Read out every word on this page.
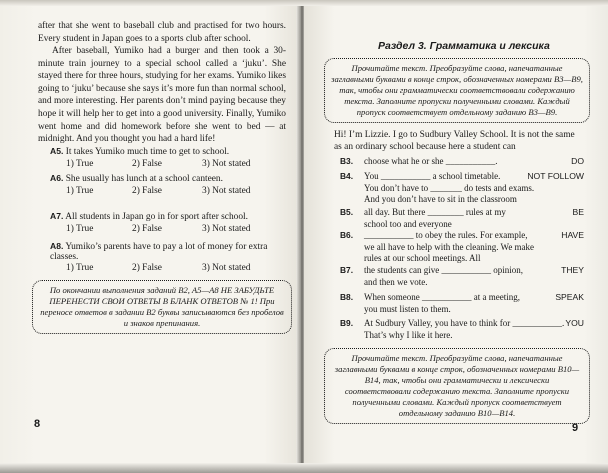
after that she went to baseball club and practised for two hours. Every student in Japan goes to a sports club after school.
After baseball, Yumiko had a burger and then took a 30-minute train journey to a special school called a ‘juku’. She stayed there for three hours, studying for her exams. Yumiko likes going to ‘juku’ because she says it’s more fun than normal school, and more interesting. Her parents don’t mind paying because they hope it will help her to get into a good university. Finally, Yumiko went home and did homework before she went to bed — at midnight. And you thought you had a hard life!
A5. It takes Yumiko much time to get to school.
1) True	2) False	3) Not stated
A6. She usually has lunch at a school canteen.
1) True	2) False	3) Not stated
A7. All students in Japan go in for sport after school.
1) True	2) False	3) Not stated
A8. Yumiko’s parents have to pay a lot of money for extra classes.
1) True	2) False	3) Not stated
По окончании выполнения заданий B2, A5—A8 НЕ ЗАБУДЬТЕ ПЕРЕНЕСТИ СВОИ ОТВЕТЫ В БЛАНК ОТВЕТОВ № 1! При переносе ответов в задании B2 буквы записываются без пробелов и знаков препинания.
8
Раздел 3. Грамматика и лексика
Прочитайте текст. Преобразуйте слова, напечатанные заглавными буквами в конце строк, обозначенных номерами B3—B9, так, чтобы они грамматически соответствовали содержанию текста. Заполните пропуски полученными словами. Каждый пропуск соответствует отдельному заданию B3—B9.
Hi! I’m Lizzie. I go to Sudbury Valley School. It is not the same
as an ordinary school because here a student can
B3. choose what he or she ___________.	DO
B4. You ___________ a school timetable.
You don’t have to _______ do tests and exams.
And you don’t have to sit in the classroom
NOT FOLLOW
B5. all day. But there ________ rules at my
school too and everyone
BE
B6. ___________ to obey the rules. For example,
we all have to help with the cleaning. We make
rules at our school meetings. All
HAVE
B7. the students can give ___________ opinion,
and then we vote.
THEY
B8. When someone ___________ at a meeting,
you must listen to them.
SPEAK
B9. At Sudbury Valley, you have to think for ___________.
That’s why I like it here.
YOU
Прочитайте текст. Преобразуйте слова, напечатанные заглавными буквами в конце строк, обозначенных номерами B10—B14, так, чтобы они грамматически и лексически соответствовали содержанию текста. Заполните пропуски полученными словами. Каждый пропуск соответствует отдельному заданию B10—B14.
9
